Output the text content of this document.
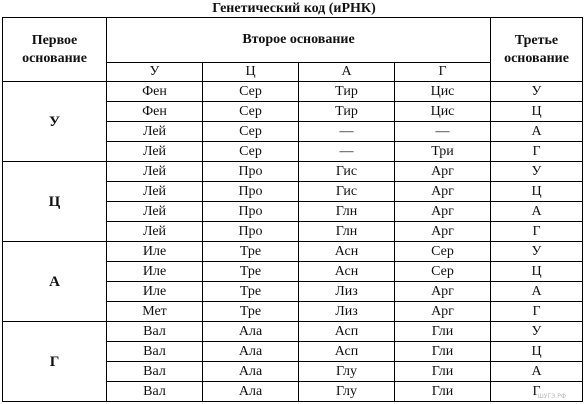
Генетический код (иРНК)
Первое основание	Второе основание				Третье основание
	У	Ц	А	Г	
У	Фен	Сер	Тир	Цис	У
	Фен	Сер	Тир	Цис	Ц
	Лей	Сер	—	—	А
	Лей	Сер	—	Три	Г
Ц	Лей	Про	Гис	Арг	У
	Лей	Про	Гис	Арг	Ц
	Лей	Про	Глн	Арг	А
	Лей	Про	Глн	Арг	Г
А	Иле	Тре	Асн	Сер	У
	Иле	Тре	Асн	Сер	Ц
	Иле	Тре	Лиз	Арг	А
	Мет	Тре	Лиз	Арг	Г
Г	Вал	Ала	Асп	Гли	У
	Вал	Ала	Асп	Гли	Ц
	Вал	Ала	Глу	Гли	А
	Вал	Ала	Глу	Гли	Г
ШУГЭ.РФ
